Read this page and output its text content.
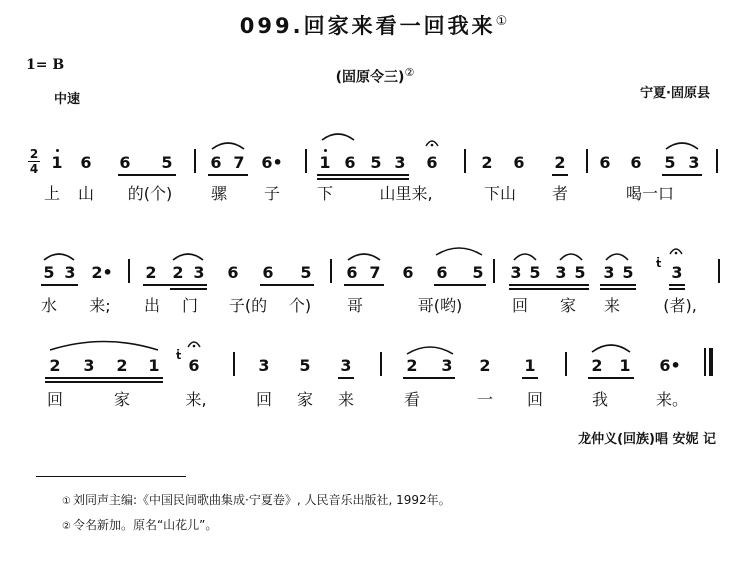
099.回家来看一回我来①
1= B
(固原令三)②
中速	宁夏·固原县
2
4 1 6 6 5 6 7 6• 1 6 5 3 6	2 6 2 6 6 5 3
上 山 的(个) 骡 子 下	山里来,	下山 者	喝一口
5 3 2• 2 2 3 6 6 5 6 7 6 6 5 3 5 3 5 3 5 ṫ 3
水 来; 出 门 子(的 个) 哥	哥(哟)	回 家 来	(者),
2 3 2 1
ṫ
6	3 5 3	2 3 2 1	2 1 6•
回	家	来,	回 家 来	看	一 回	我	来。
龙仲义(回族)唱 安妮 记
① 刘同声主编:《中国民间歌曲集成·宁夏卷》, 人民音乐出版社, 1992年。
② 令名新加。原名“山花儿”。
